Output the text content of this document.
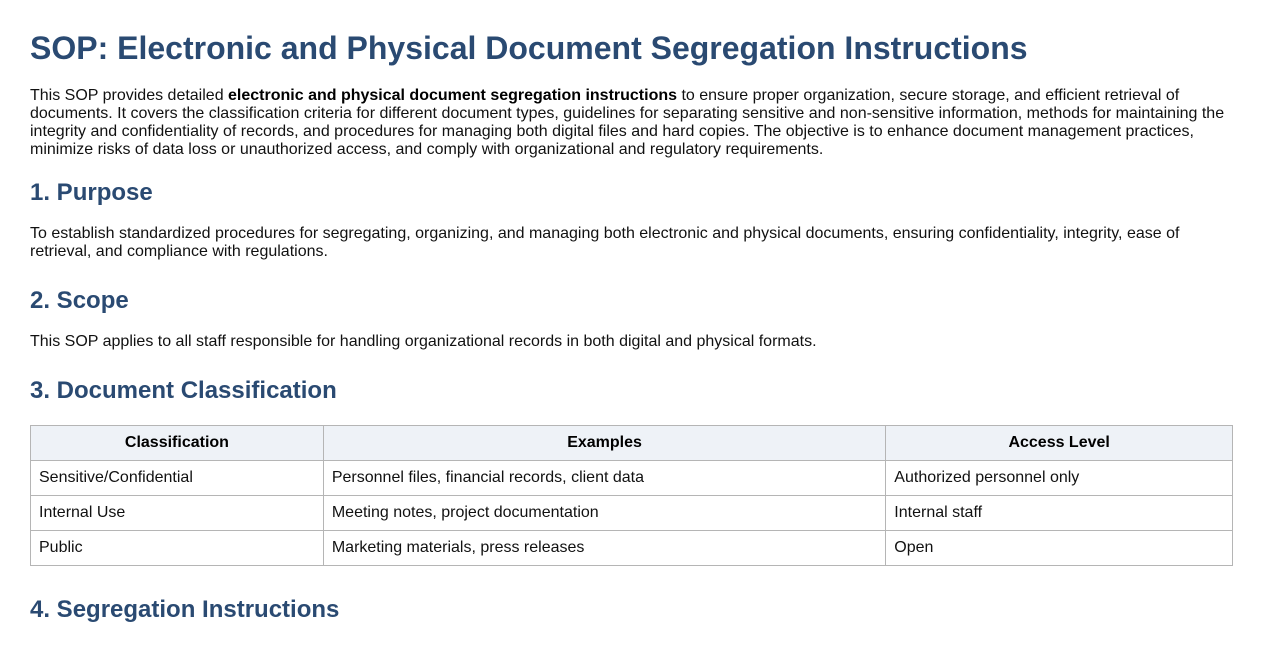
SOP: Electronic and Physical Document Segregation Instructions

This SOP provides detailed electronic and physical document segregation instructions to ensure proper organization, secure storage, and efficient retrieval of documents. It covers the classification criteria for different document types, guidelines for separating sensitive and non-sensitive information, methods for maintaining the integrity and confidentiality of records, and procedures for managing both digital files and hard copies. The objective is to enhance document management practices, minimize risks of data loss or unauthorized access, and comply with organizational and regulatory requirements.

1. Purpose

To establish standardized procedures for segregating, organizing, and managing both electronic and physical documents, ensuring confidentiality, integrity, ease of retrieval, and compliance with regulations.

2. Scope

This SOP applies to all staff responsible for handling organizational records in both digital and physical formats.

3. Document Classification
Classification	Examples	Access Level
Sensitive/Confidential	Personnel files, financial records, client data	Authorized personnel only
Internal Use	Meeting notes, project documentation	Internal staff
Public	Marketing materials, press releases	Open
4. Segregation Instructions
